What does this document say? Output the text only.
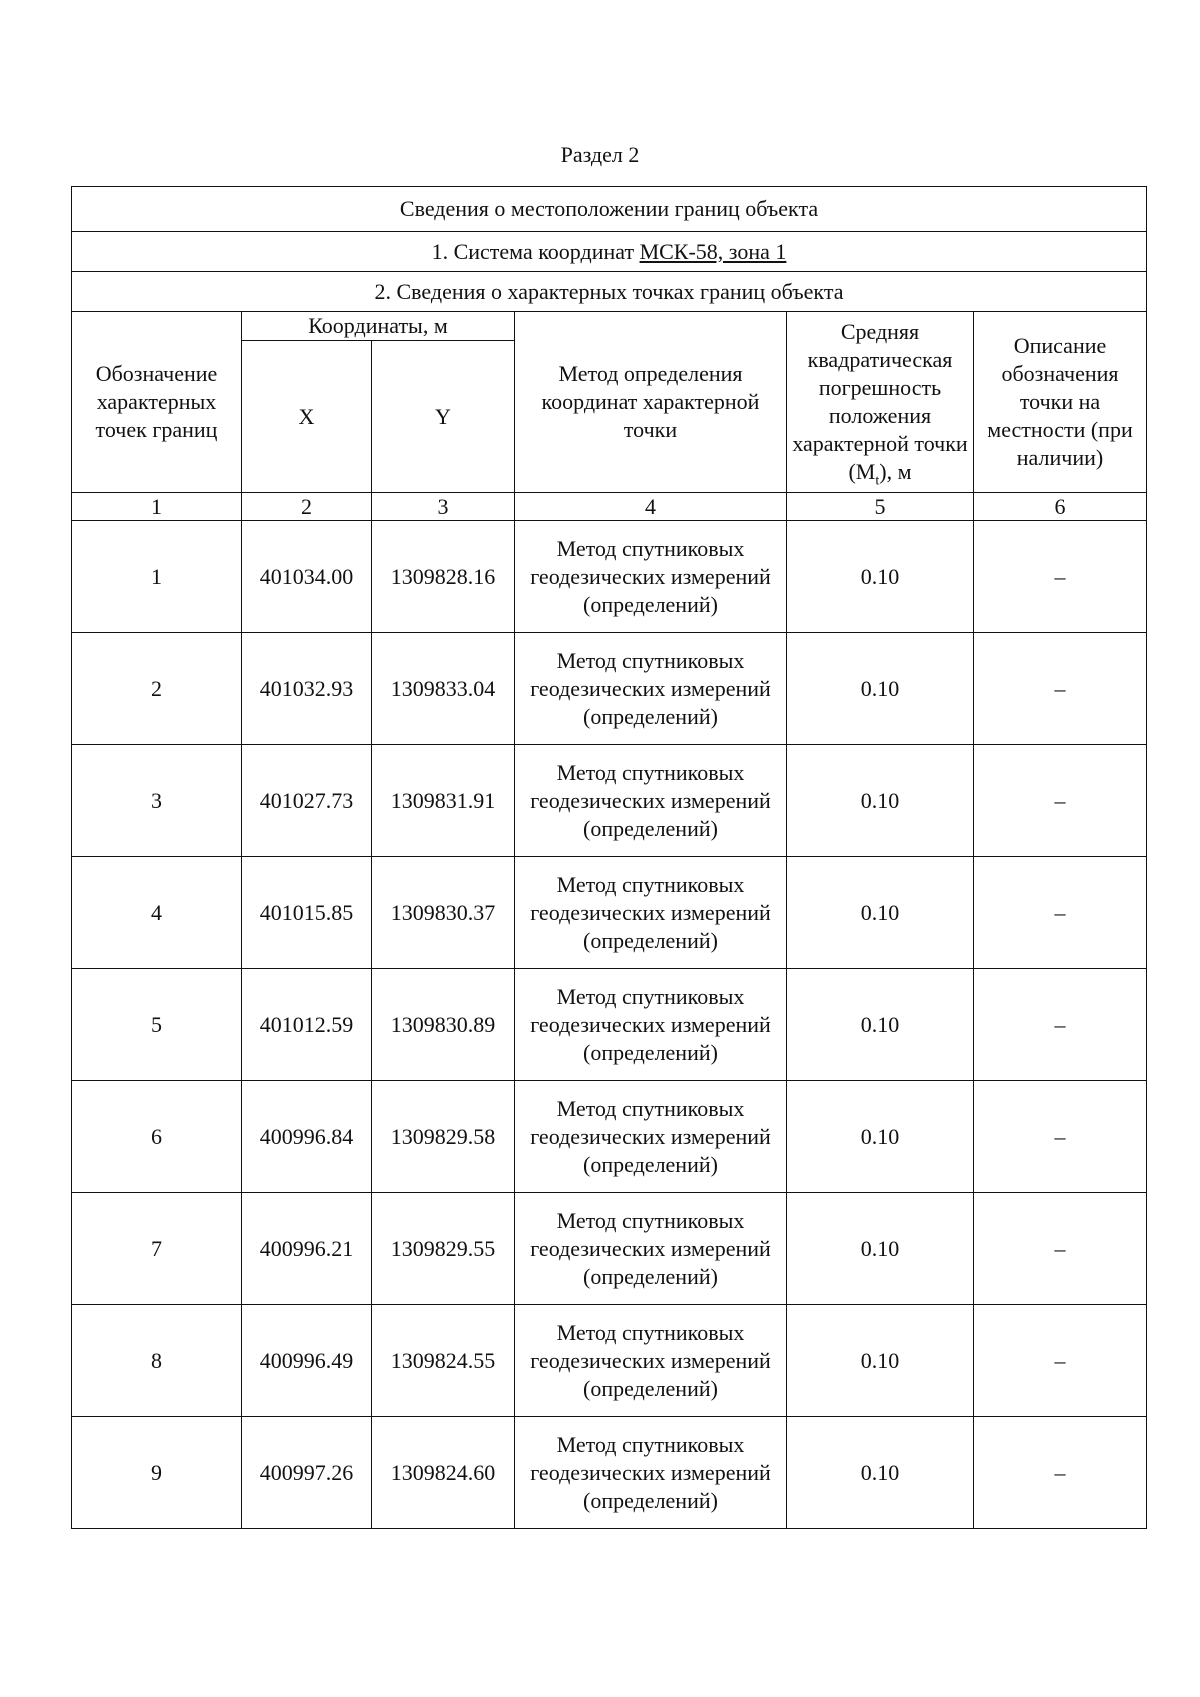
Раздел 2
Сведения о местоположении границ объекта					
1. Система координат МСК-58, зона 1					
2. Сведения о характерных точках границ объекта					
Обозначение характерных точек границ	Координаты, м		Метод определения координат характерной точки	Средняя квадратическая погрешность положения характерной точки $(M_t)$, м	Описание обозначения точки на местности (при наличии)
	X	Y			
1	2	3	4	5	6
1	401034.00	1309828.16	Метод спутниковых геодезических измерений (определений)	0.10	–
2	401032.93	1309833.04	Метод спутниковых геодезических измерений (определений)	0.10	–
3	401027.73	1309831.91	Метод спутниковых геодезических измерений (определений)	0.10	–
4	401015.85	1309830.37	Метод спутниковых геодезических измерений (определений)	0.10	–
5	401012.59	1309830.89	Метод спутниковых геодезических измерений (определений)	0.10	–
6	400996.84	1309829.58	Метод спутниковых геодезических измерений (определений)	0.10	–
7	400996.21	1309829.55	Метод спутниковых геодезических измерений (определений)	0.10	–
8	400996.49	1309824.55	Метод спутниковых геодезических измерений (определений)	0.10	–
9	400997.26	1309824.60	Метод спутниковых геодезических измерений (определений)	0.10	–
